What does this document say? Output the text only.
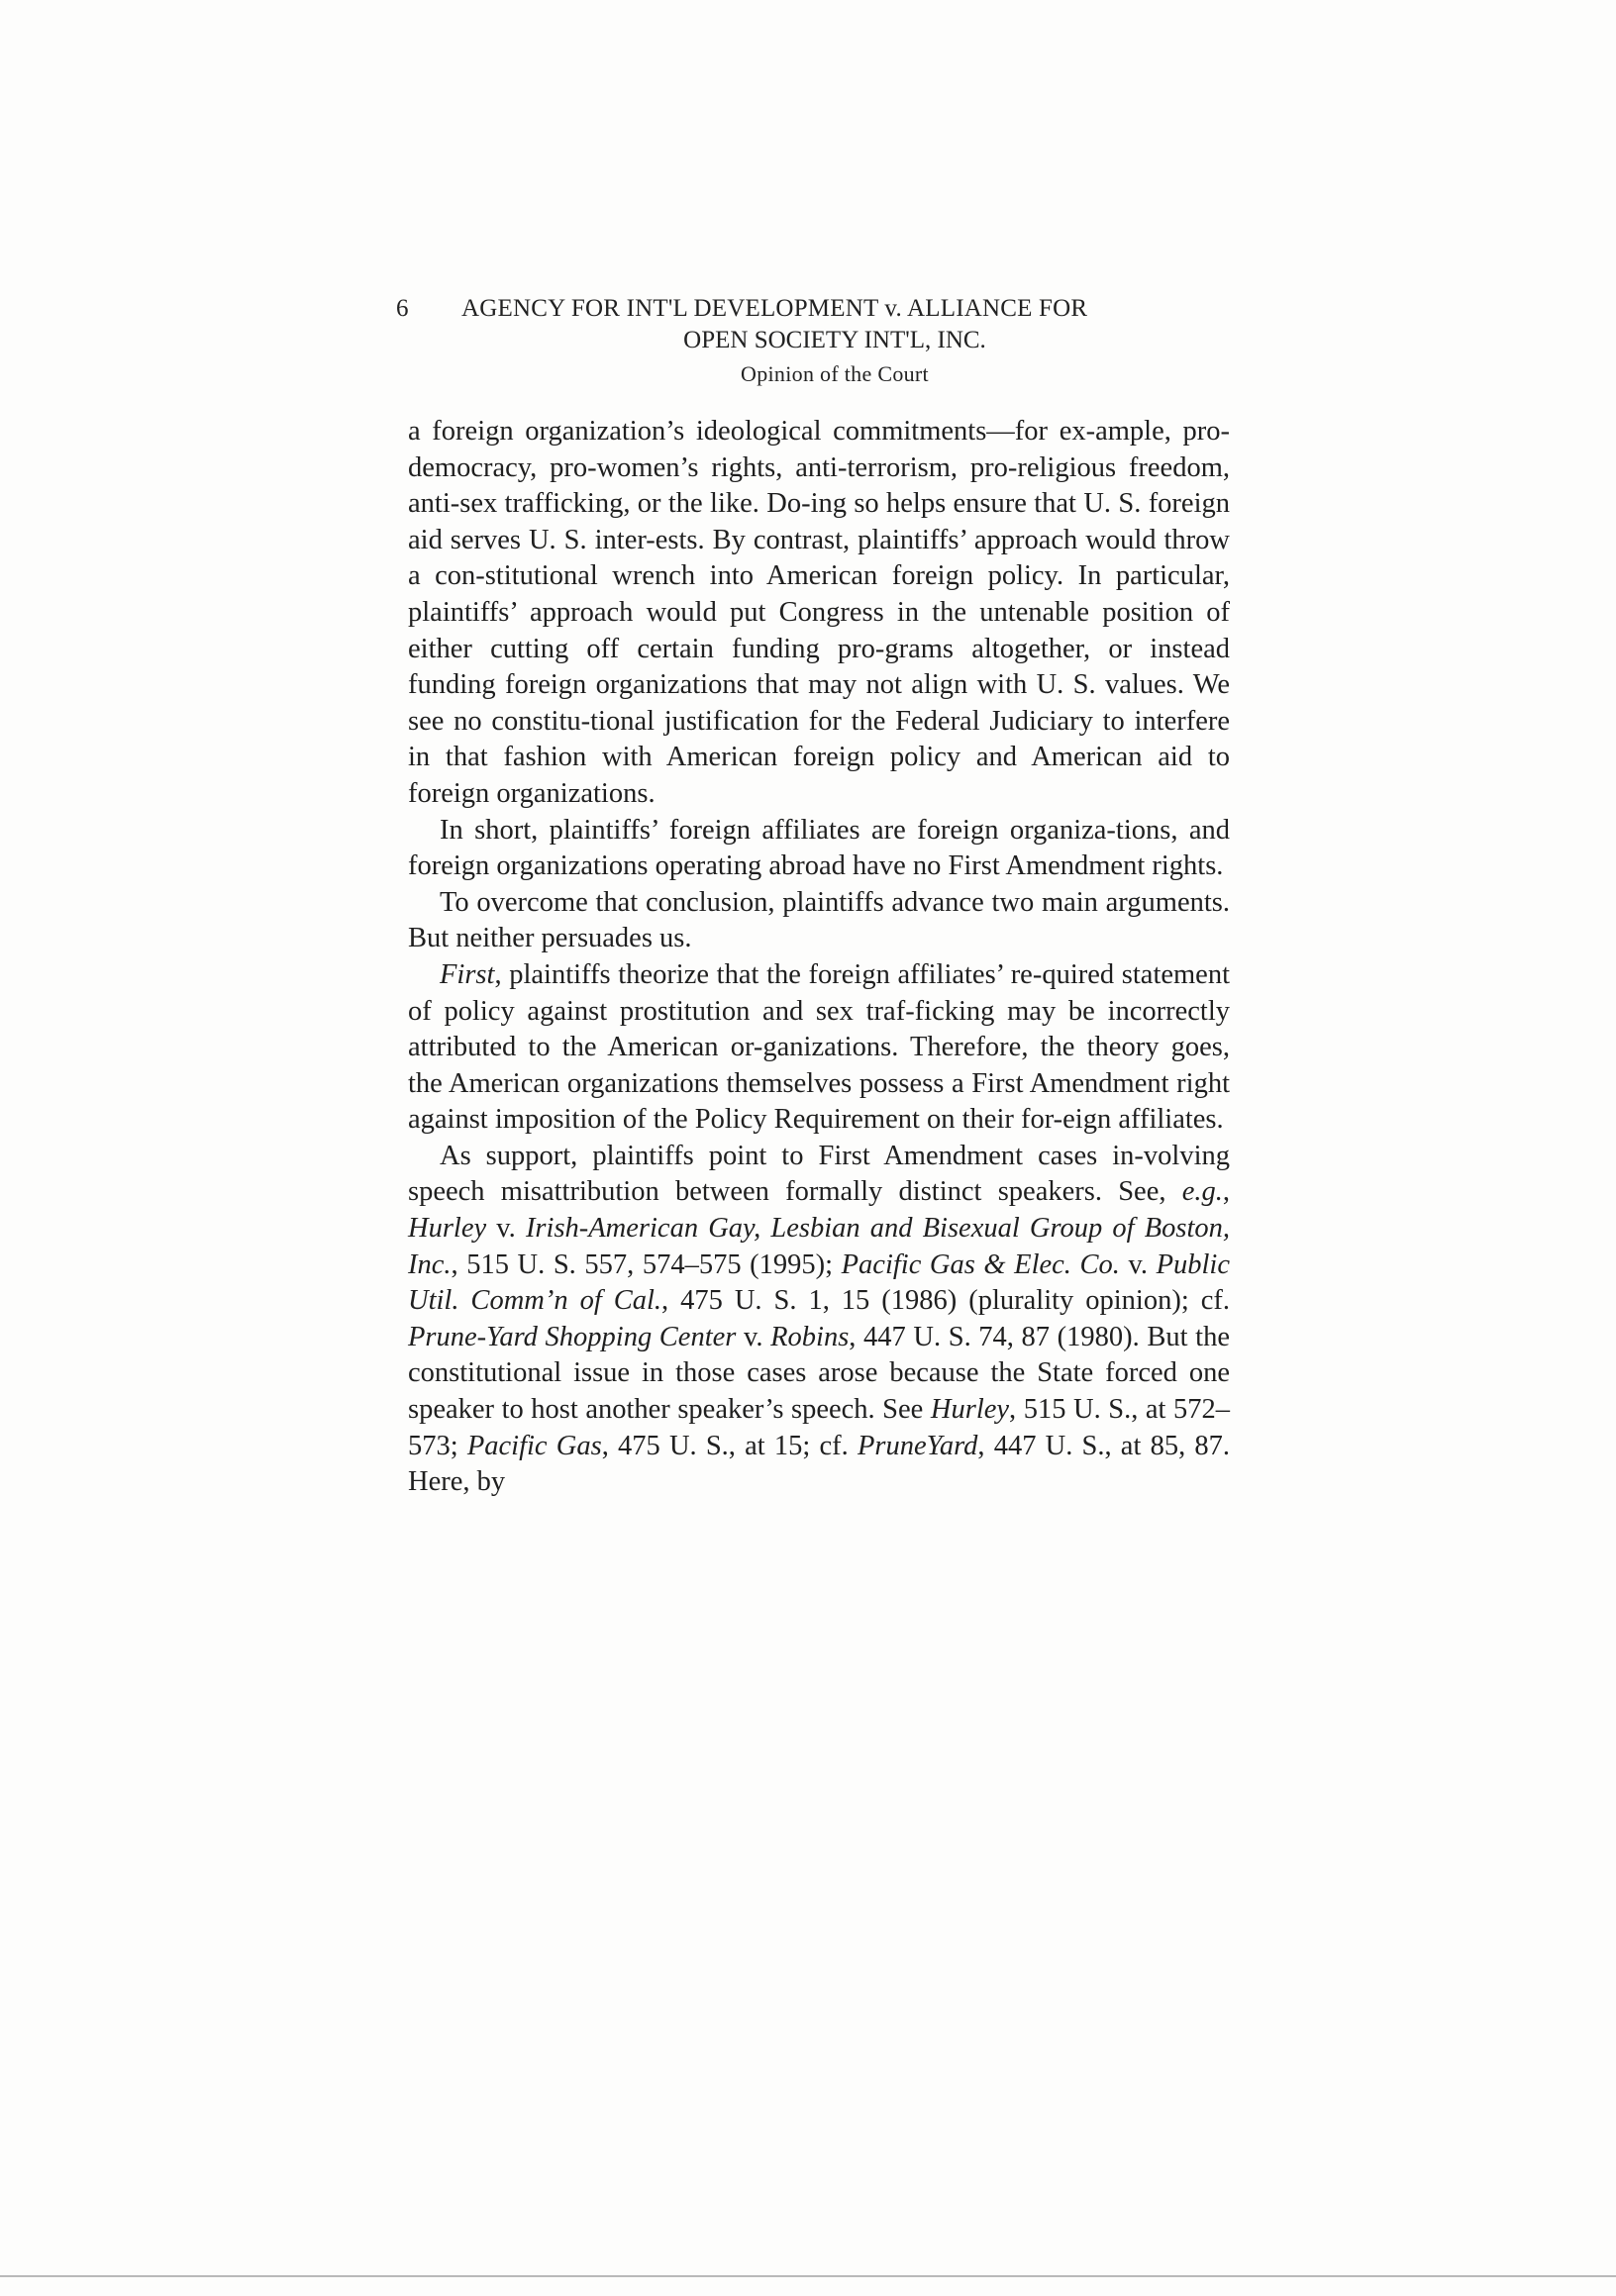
6 AGENCY FOR INT'L DEVELOPMENT v. ALLIANCE FOR
OPEN SOCIETY INT'L, INC.
Opinion of the Court

a foreign organization’s ideological commitments—for ex-ample, pro-democracy, pro-women’s rights, anti-terrorism, pro-religious freedom, anti-sex trafficking, or the like. Do-ing so helps ensure that U. S. foreign aid serves U. S. inter-ests. By contrast, plaintiffs’ approach would throw a con-stitutional wrench into American foreign policy. In particular, plaintiffs’ approach would put Congress in the untenable position of either cutting off certain funding pro-grams altogether, or instead funding foreign organizations that may not align with U. S. values. We see no constitu-tional justification for the Federal Judiciary to interfere in that fashion with American foreign policy and American aid to foreign organizations.

In short, plaintiffs’ foreign affiliates are foreign organiza-tions, and foreign organizations operating abroad have no First Amendment rights.

To overcome that conclusion, plaintiffs advance two main arguments. But neither persuades us.

First, plaintiffs theorize that the foreign affiliates’ re-quired statement of policy against prostitution and sex traf-ficking may be incorrectly attributed to the American or-ganizations. Therefore, the theory goes, the American organizations themselves possess a First Amendment right against imposition of the Policy Requirement on their for-eign affiliates.

As support, plaintiffs point to First Amendment cases in-volving speech misattribution between formally distinct speakers. See, e.g., Hurley v. Irish-American Gay, Lesbian and Bisexual Group of Boston, Inc., 515 U. S. 557, 574–575 (1995); Pacific Gas & Elec. Co. v. Public Util. Comm’n of Cal., 475 U. S. 1, 15 (1986) (plurality opinion); cf. Prune-Yard Shopping Center v. Robins, 447 U. S. 74, 87 (1980). But the constitutional issue in those cases arose because the State forced one speaker to host another speaker’s speech. See Hurley, 515 U. S., at 572–573; Pacific Gas, 475 U. S., at 15; cf. PruneYard, 447 U. S., at 85, 87. Here, by
